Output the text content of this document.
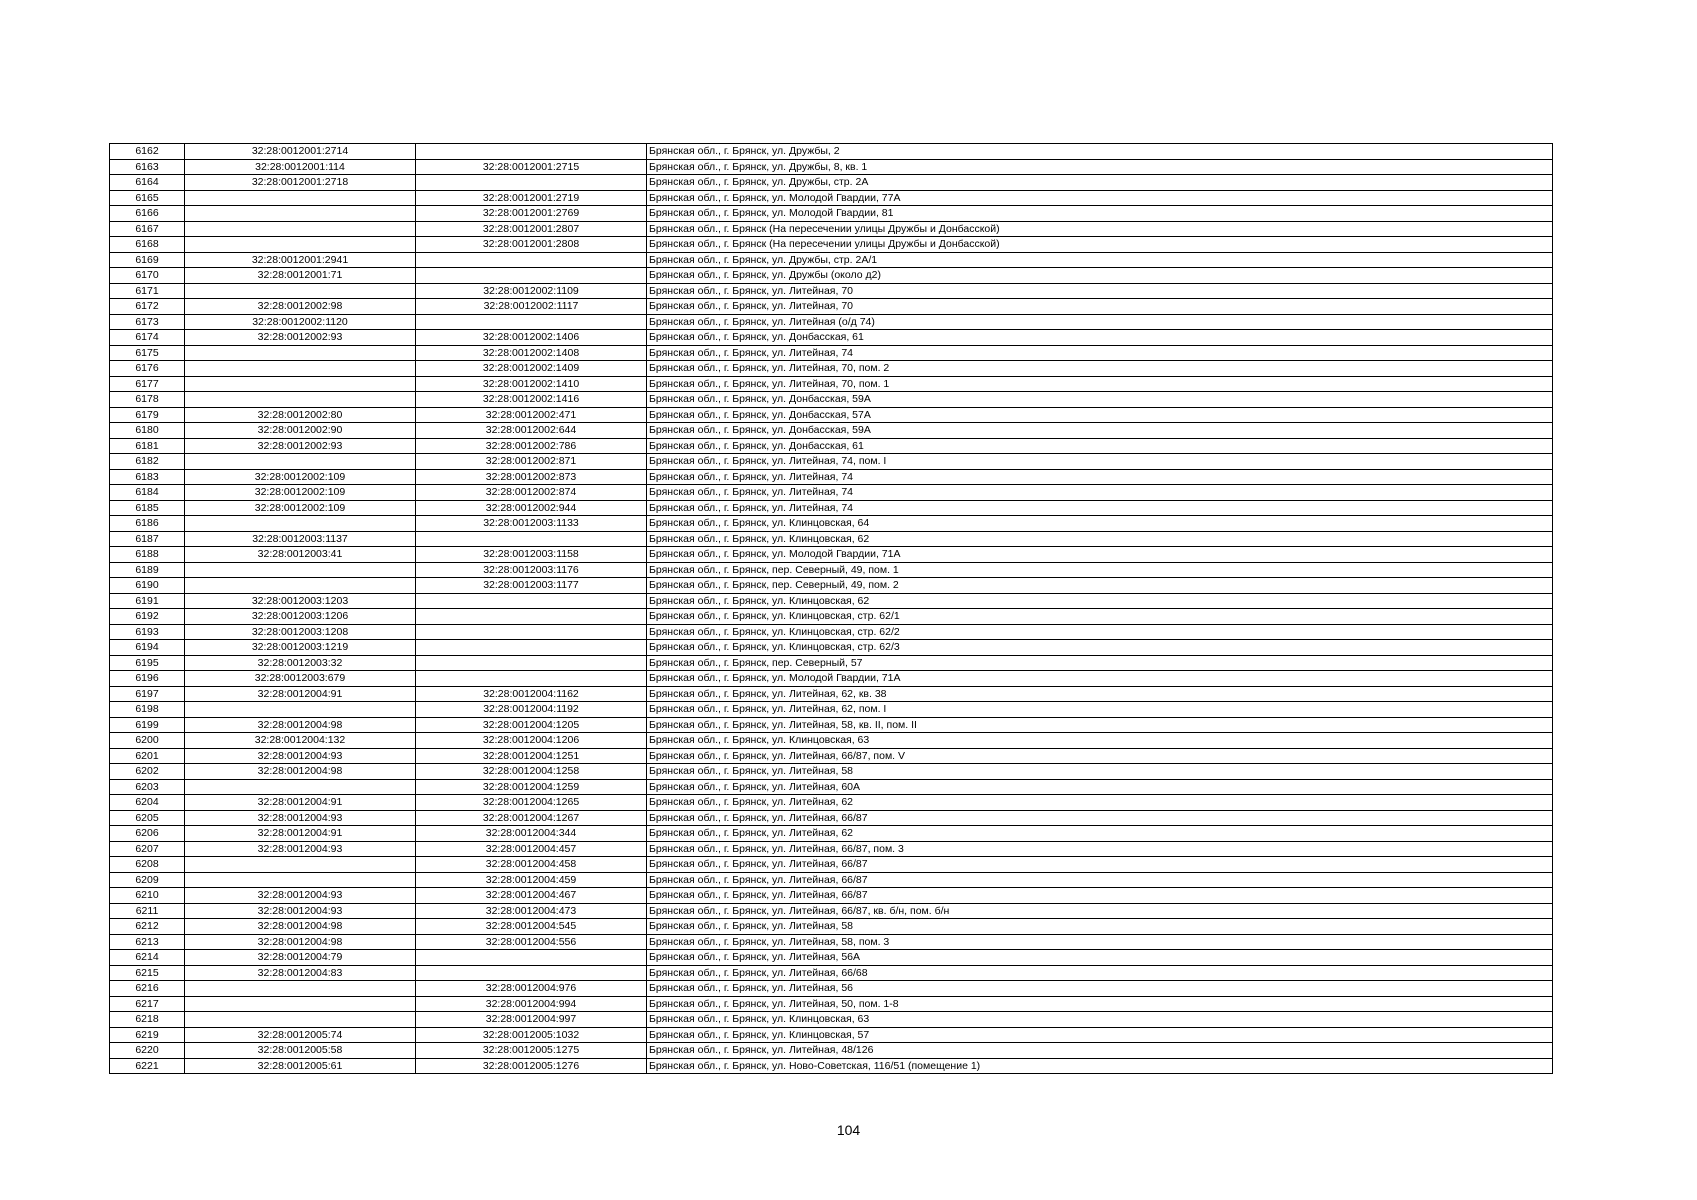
6162	32:28:0012001:2714		Брянская обл., г. Брянск, ул. Дружбы, 2
6163	32:28:0012001:114	32:28:0012001:2715	Брянская обл., г. Брянск, ул. Дружбы, 8, кв. 1
6164	32:28:0012001:2718		Брянская обл., г. Брянск, ул. Дружбы, стр. 2А
6165		32:28:0012001:2719	Брянская обл., г. Брянск, ул. Молодой Гвардии, 77А
6166		32:28:0012001:2769	Брянская обл., г. Брянск, ул. Молодой Гвардии, 81
6167		32:28:0012001:2807	Брянская обл., г. Брянск (На пересечении улицы Дружбы и Донбасской)
6168		32:28:0012001:2808	Брянская обл., г. Брянск (На пересечении улицы Дружбы и Донбасской)
6169	32:28:0012001:2941		Брянская обл., г. Брянск, ул. Дружбы, стр. 2А/1
6170	32:28:0012001:71		Брянская обл., г. Брянск, ул. Дружбы (около д2)
6171		32:28:0012002:1109	Брянская обл., г. Брянск, ул. Литейная, 70
6172	32:28:0012002:98	32:28:0012002:1117	Брянская обл., г. Брянск, ул. Литейная, 70
6173	32:28:0012002:1120		Брянская обл., г. Брянск, ул. Литейная (о/д 74)
6174	32:28:0012002:93	32:28:0012002:1406	Брянская обл., г. Брянск, ул. Донбасская, 61
6175		32:28:0012002:1408	Брянская обл., г. Брянск, ул. Литейная, 74
6176		32:28:0012002:1409	Брянская обл., г. Брянск, ул. Литейная, 70, пом. 2
6177		32:28:0012002:1410	Брянская обл., г. Брянск, ул. Литейная, 70, пом. 1
6178		32:28:0012002:1416	Брянская обл., г. Брянск, ул. Донбасская, 59А
6179	32:28:0012002:80	32:28:0012002:471	Брянская обл., г. Брянск, ул. Донбасская, 57А
6180	32:28:0012002:90	32:28:0012002:644	Брянская обл., г. Брянск, ул. Донбасская, 59А
6181	32:28:0012002:93	32:28:0012002:786	Брянская обл., г. Брянск, ул. Донбасская, 61
6182		32:28:0012002:871	Брянская обл., г. Брянск, ул. Литейная, 74, пом. I
6183	32:28:0012002:109	32:28:0012002:873	Брянская обл., г. Брянск, ул. Литейная, 74
6184	32:28:0012002:109	32:28:0012002:874	Брянская обл., г. Брянск, ул. Литейная, 74
6185	32:28:0012002:109	32:28:0012002:944	Брянская обл., г. Брянск, ул. Литейная, 74
6186		32:28:0012003:1133	Брянская обл., г. Брянск, ул. Клинцовская, 64
6187	32:28:0012003:1137		Брянская обл., г. Брянск, ул. Клинцовская, 62
6188	32:28:0012003:41	32:28:0012003:1158	Брянская обл., г. Брянск, ул. Молодой Гвардии, 71А
6189		32:28:0012003:1176	Брянская обл., г. Брянск, пер. Северный, 49, пом. 1
6190		32:28:0012003:1177	Брянская обл., г. Брянск, пер. Северный, 49, пом. 2
6191	32:28:0012003:1203		Брянская обл., г. Брянск, ул. Клинцовская, 62
6192	32:28:0012003:1206		Брянская обл., г. Брянск, ул. Клинцовская, стр. 62/1
6193	32:28:0012003:1208		Брянская обл., г. Брянск, ул. Клинцовская, стр. 62/2
6194	32:28:0012003:1219		Брянская обл., г. Брянск, ул. Клинцовская, стр. 62/3
6195	32:28:0012003:32		Брянская обл., г. Брянск, пер. Северный, 57
6196	32:28:0012003:679		Брянская обл., г. Брянск, ул. Молодой Гвардии, 71А
6197	32:28:0012004:91	32:28:0012004:1162	Брянская обл., г. Брянск, ул. Литейная, 62, кв. 38
6198		32:28:0012004:1192	Брянская обл., г. Брянск, ул. Литейная, 62, пом. I
6199	32:28:0012004:98	32:28:0012004:1205	Брянская обл., г. Брянск, ул. Литейная, 58, кв. II, пом. II
6200	32:28:0012004:132	32:28:0012004:1206	Брянская обл., г. Брянск, ул. Клинцовская, 63
6201	32:28:0012004:93	32:28:0012004:1251	Брянская обл., г. Брянск, ул. Литейная, 66/87, пом. V
6202	32:28:0012004:98	32:28:0012004:1258	Брянская обл., г. Брянск, ул. Литейная, 58
6203		32:28:0012004:1259	Брянская обл., г. Брянск, ул. Литейная, 60А
6204	32:28:0012004:91	32:28:0012004:1265	Брянская обл., г. Брянск, ул. Литейная, 62
6205	32:28:0012004:93	32:28:0012004:1267	Брянская обл., г. Брянск, ул. Литейная, 66/87
6206	32:28:0012004:91	32:28:0012004:344	Брянская обл., г. Брянск, ул. Литейная, 62
6207	32:28:0012004:93	32:28:0012004:457	Брянская обл., г. Брянск, ул. Литейная, 66/87, пом. 3
6208		32:28:0012004:458	Брянская обл., г. Брянск, ул. Литейная, 66/87
6209		32:28:0012004:459	Брянская обл., г. Брянск, ул. Литейная, 66/87
6210	32:28:0012004:93	32:28:0012004:467	Брянская обл., г. Брянск, ул. Литейная, 66/87
6211	32:28:0012004:93	32:28:0012004:473	Брянская обл., г. Брянск, ул. Литейная, 66/87, кв. б/н, пом. б/н
6212	32:28:0012004:98	32:28:0012004:545	Брянская обл., г. Брянск, ул. Литейная, 58
6213	32:28:0012004:98	32:28:0012004:556	Брянская обл., г. Брянск, ул. Литейная, 58, пом. 3
6214	32:28:0012004:79		Брянская обл., г. Брянск, ул. Литейная, 56А
6215	32:28:0012004:83		Брянская обл., г. Брянск, ул. Литейная, 66/68
6216		32:28:0012004:976	Брянская обл., г. Брянск, ул. Литейная, 56
6217		32:28:0012004:994	Брянская обл., г. Брянск, ул. Литейная, 50, пом. 1-8
6218		32:28:0012004:997	Брянская обл., г. Брянск, ул. Клинцовская, 63
6219	32:28:0012005:74	32:28:0012005:1032	Брянская обл., г. Брянск, ул. Клинцовская, 57
6220	32:28:0012005:58	32:28:0012005:1275	Брянская обл., г. Брянск, ул. Литейная, 48/126
6221	32:28:0012005:61	32:28:0012005:1276	Брянская обл., г. Брянск, ул. Ново-Советская, 116/51 (помещение 1)
104
